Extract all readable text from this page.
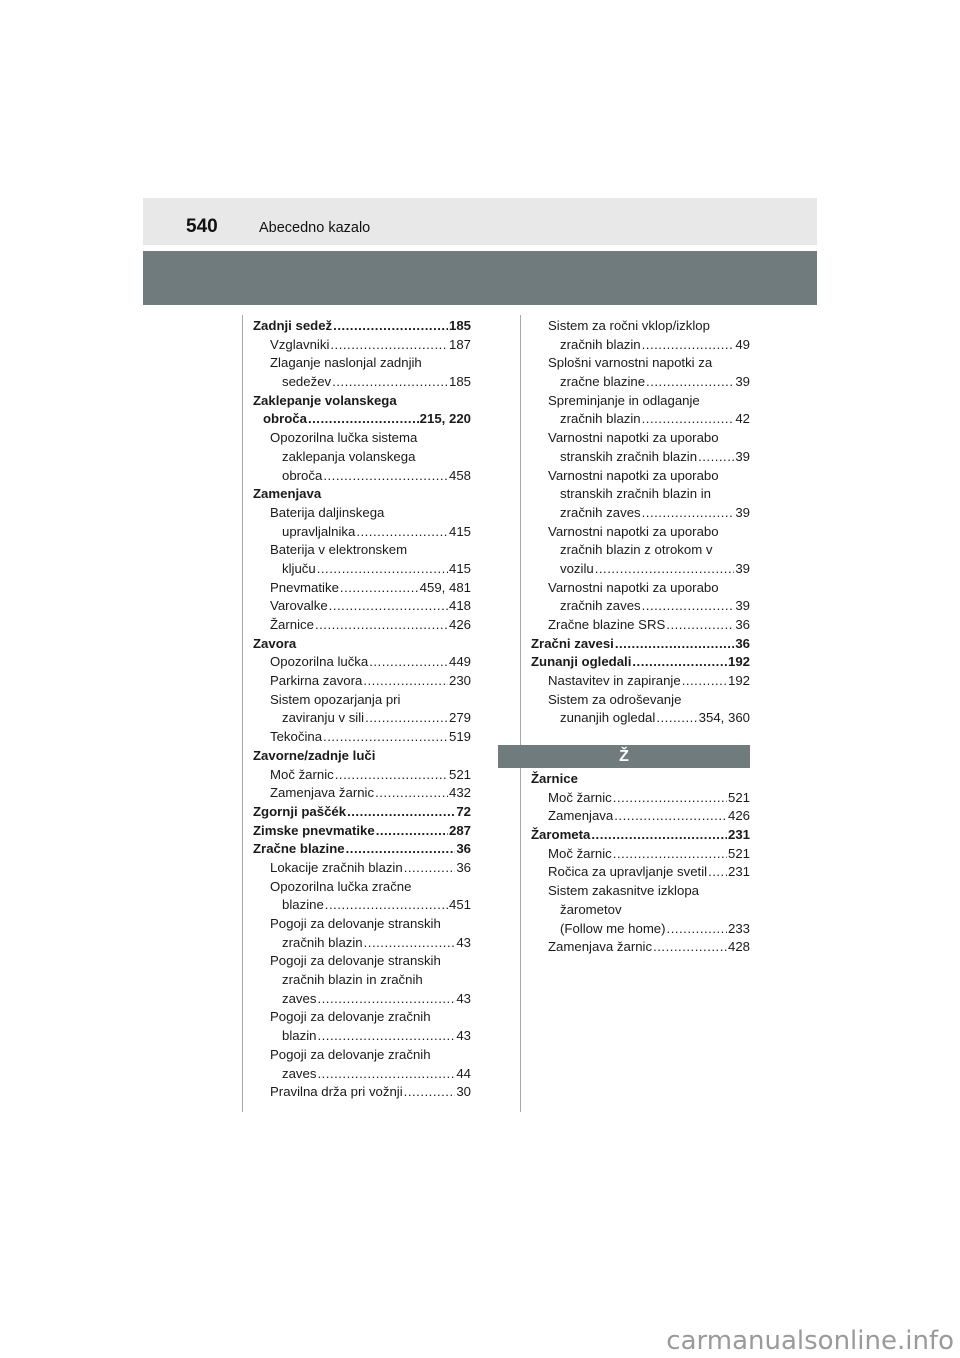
540	Abecedno kazalo
Zadnji sedež .....	185
Vzglavniki .....	187
Zlaganje naslonjal zadnjih
sedežev .....	185
Zaklepanje volanskega
obroča .....	215, 220
Opozorilna lučka sistema
zaklepanja volanskega
obroča .....	458
Zamenjava
Baterija daljinskega
upravljalnika .....	415
Baterija v elektronskem
ključu .....	415
Pnevmatike .....	459, 481
Varovalke .....	418
Žarnice .....	426
Zavora
Opozorilna lučka .....	449
Parkirna zavora .....	230
Sistem opozarjanja pri
zaviranju v sili .....	279
Tekočina .....	519
Zavorne/zadnje luči
Moč žarnic .....	521
Zamenjava žarnic .....	432
Zgornji paščék .....	72
Zimske pnevmatike .....	287
Zračne blazine .....	36
Lokacije zračnih blazin .....	36
Opozorilna lučka zračne
blazine .....	451
Pogoji za delovanje stranskih
zračnih blazin .....	43
Pogoji za delovanje stranskih
zračnih blazin in zračnih
zaves .....	43
Pogoji za delovanje zračnih
blazin .....	43
Pogoji za delovanje zračnih
zaves .....	44
Pravilna drža pri vožnji .....	30
Sistem za ročni vklop/izklop
zračnih blazin .....	49
Splošni varnostni napotki za
zračne blazine .....	39
Spreminjanje in odlaganje
zračnih blazin .....	42
Varnostni napotki za uporabo
stranskih zračnih blazin .....	39
Varnostni napotki za uporabo
stranskih zračnih blazin in
zračnih zaves .....	39
Varnostni napotki za uporabo
zračnih blazin z otrokom v
vozilu .....	39
Varnostni napotki za uporabo
zračnih zaves .....	39
Zračne blazine SRS .....	36
Zračni zavesi .....	36
Zunanji ogledali .....	192
Nastavitev in zapiranje .....	192
Sistem za odroševanje
zunanjih ogledal .....	354, 360
Ž
Žarnice
Moč žarnic .....	521
Zamenjava .....	426
Žarometa .....	231
Moč žarnic .....	521
Ročica za upravljanje svetil ..... 231
Sistem zakasnitve izklopa
žarometov
(Follow me home) .....	233
Zamenjava žarnic .....	428
carmanualsonline.info
